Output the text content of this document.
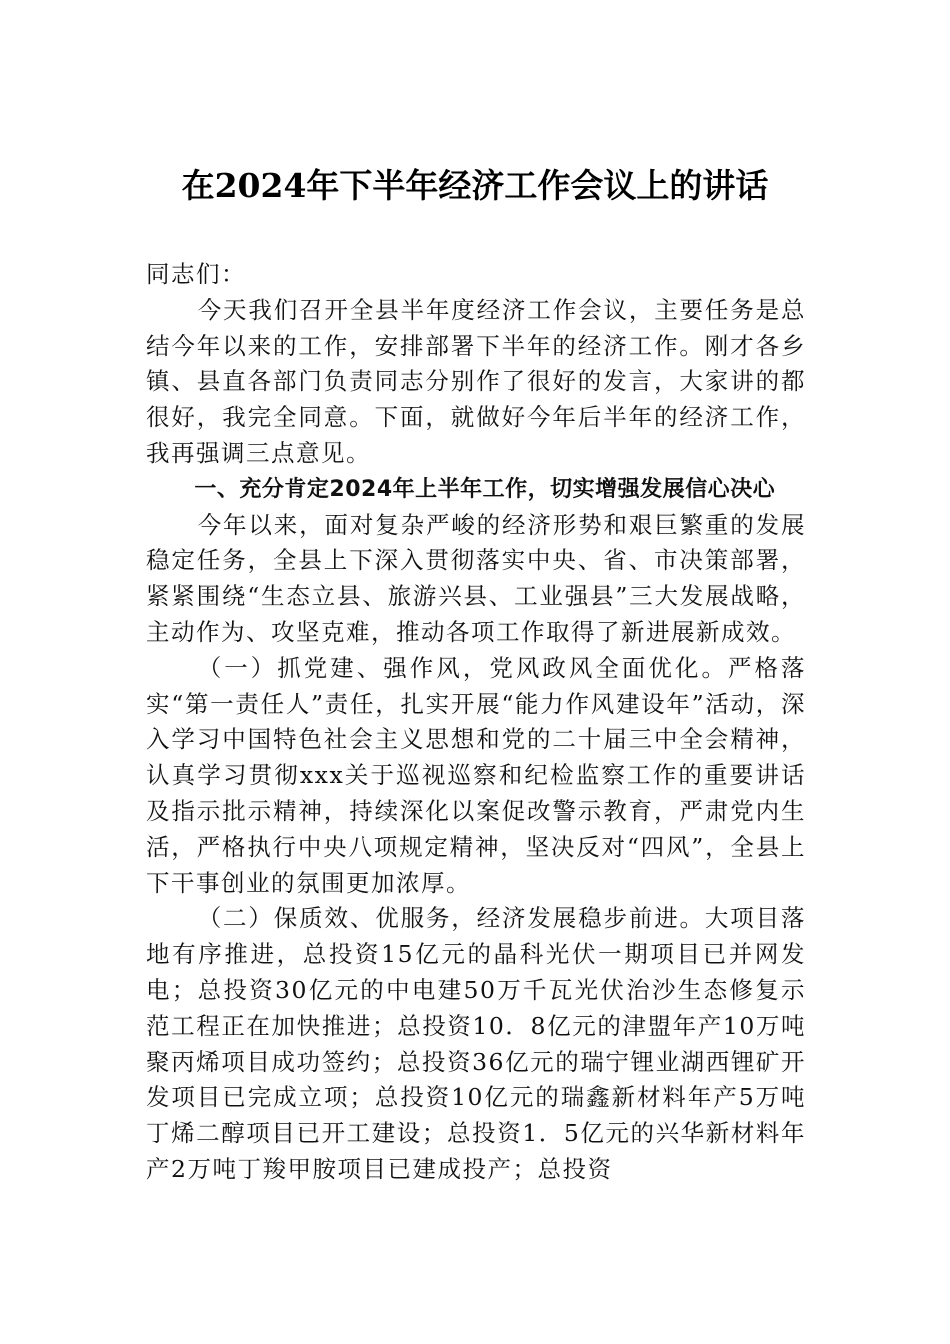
在2024年下半年经济工作会议上的讲话

同志们：

今天我们召开全县半年度经济工作会议，主要任务是总结今年以来的工作，安排部署下半年的经济工作。刚才各乡镇、县直各部门负责同志分别作了很好的发言，大家讲的都很好，我完全同意。下面，就做好今年后半年的经济工作，我再强调三点意见。

一、充分肯定2024年上半年工作，切实增强发展信心决心

今年以来，面对复杂严峻的经济形势和艰巨繁重的发展稳定任务，全县上下深入贯彻落实中央、省、市决策部署，紧紧围绕“生态立县、旅游兴县、工业强县”三大发展战略，主动作为、攻坚克难，推动各项工作取得了新进展新成效。

（一）抓党建、强作风，党风政风全面优化。严格落实“第一责任人”责任，扎实开展“能力作风建设年”活动，深入学习中国特色社会主义思想和党的二十届三中全会精神，认真学习贯彻xxx关于巡视巡察和纪检监察工作的重要讲话及指示批示精神，持续深化以案促改警示教育，严肃党内生活，严格执行中央八项规定精神，坚决反对“四风”，全县上下干事创业的氛围更加浓厚。

（二）保质效、优服务，经济发展稳步前进。大项目落地有序推进，总投资15亿元的晶科光伏一期项目已并网发电；总投资30亿元的中电建50万千瓦光伏治沙生态修复示范工程正在加快推进；总投资10．8亿元的津盟年产10万吨聚丙烯项目成功签约；总投资36亿元的瑞宁锂业湖西锂矿开发项目已完成立项；总投资10亿元的瑞鑫新材料年产5万吨丁烯二醇项目已开工建设；总投资1．5亿元的兴华新材料年产2万吨丁羧甲胺项目已建成投产；总投资
